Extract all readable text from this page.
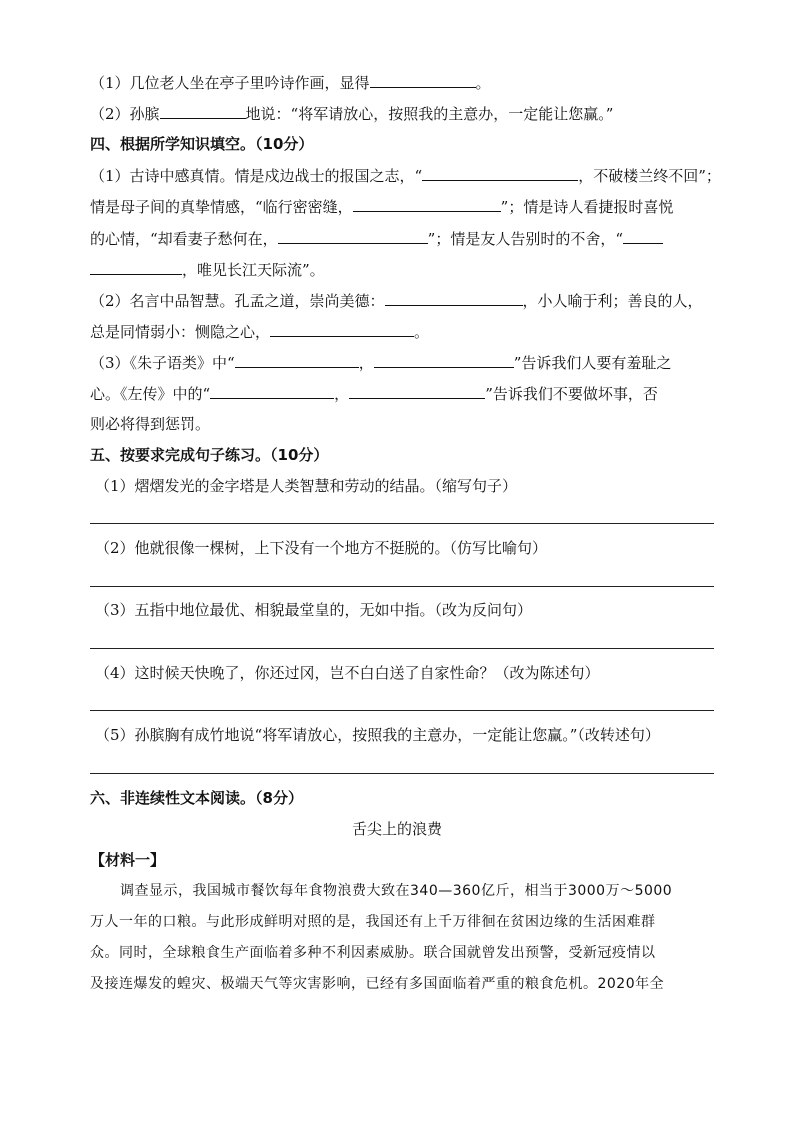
（1）几位老人坐在亭子里吟诗作画，显得	。
（2）孙膑	地说：“将军请放心，按照我的主意办，一定能让您赢。”
四、根据所学知识填空。（10分）
（1）古诗中感真情。情是戍边战士的报国之志，“	，不破楼兰终不回”；
情是母子间的真挚情感，“临行密密缝，	”；情是诗人看捷报时喜悦
的心情，“却看妻子愁何在，	”；情是友人告别时的不舍，“
，唯见长江天际流”。
（2）名言中品智慧。孔孟之道，崇尚美德：	，小人喻于利；善良的人，
总是同情弱小：恻隐之心，	。
（3）《朱子语类》中“	，	”告诉我们人要有羞耻之
心。《左传》中的“	，	”告诉我们不要做坏事，否
则必将得到惩罚。
五、按要求完成句子练习。（10分）
（1）熠熠发光的金字塔是人类智慧和劳动的结晶。（缩写句子）
（2）他就很像一棵树，上下没有一个地方不挺脱的。（仿写比喻句）
（3）五指中地位最优、相貌最堂皇的，无如中指。（改为反问句）
（4）这时候天快晚了，你还过冈，岂不白白送了自家性命？（改为陈述句）
（5）孙膑胸有成竹地说“将军请放心，按照我的主意办，一定能让您赢。”（改转述句）
六、非连续性文本阅读。（8分）
舌尖上的浪费
【材料一】
调查显示，我国城市餐饮每年食物浪费大致在340—360亿斤，相当于3000万～5000
万人一年的口粮。与此形成鲜明对照的是，我国还有上千万徘徊在贫困边缘的生活困难群
众。同时，全球粮食生产面临着多种不利因素威胁。联合国就曾发出预警，受新冠疫情以
及接连爆发的蝗灾、极端天气等灾害影响，已经有多国面临着严重的粮食危机。2020年全
